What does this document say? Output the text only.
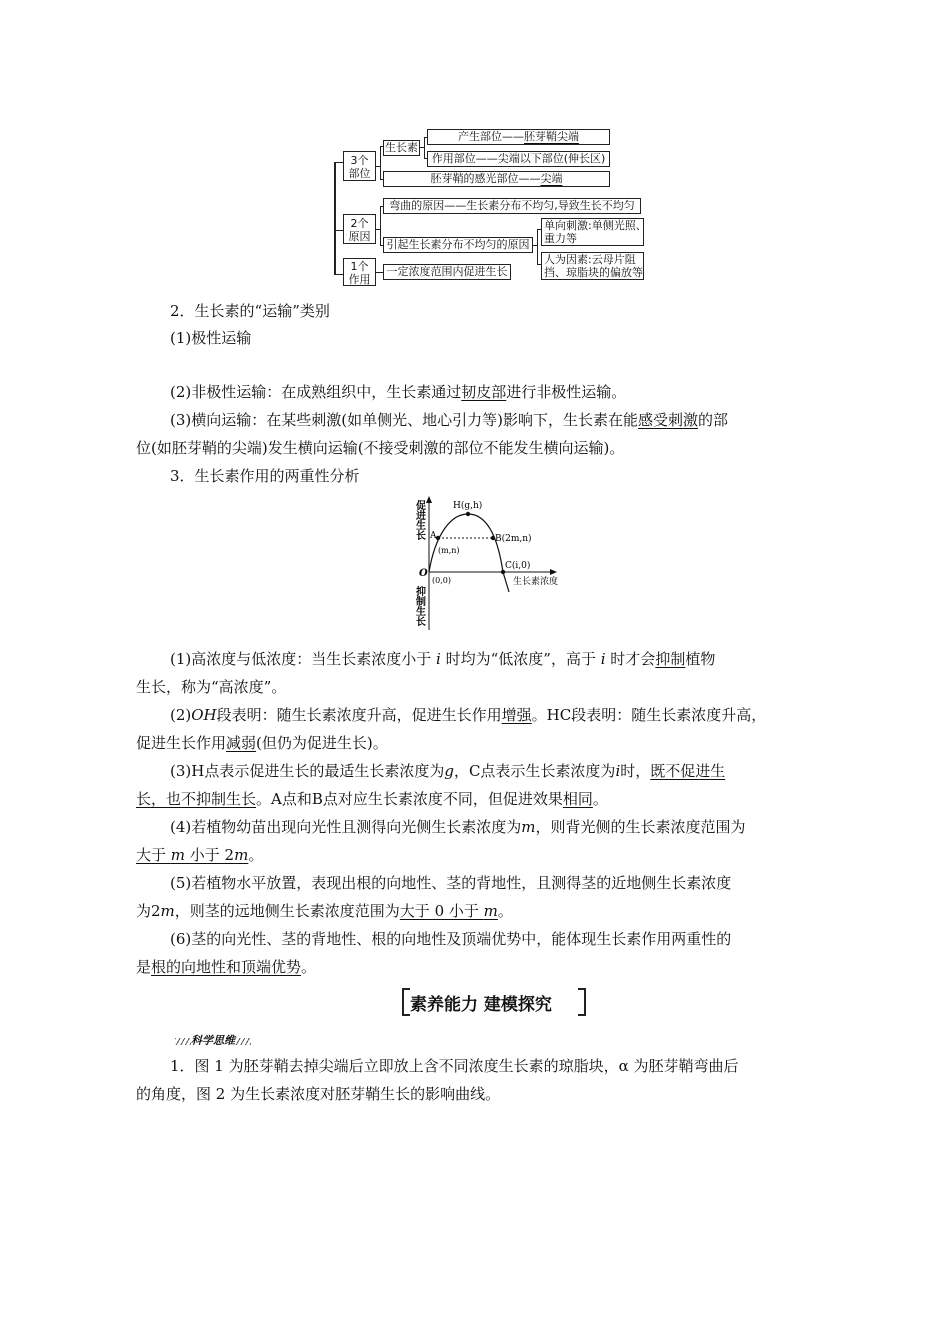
3个
部位
生长素
产生部位——胚芽鞘尖端
作用部位——尖端以下部位(伸长区)
胚芽鞘的感光部位——尖端
2个
原因
弯曲的原因——生长素分布不均匀,导致生长不均匀
引起生长素分布不均匀的原因
单向刺激:单侧光照、
重力等
人为因素:云母片阻
挡、琼脂块的偏放等
1个
作用
一定浓度范围内促进生长

2．生长素的“运输”类别

(1)极性运输

(2)非极性运输：在成熟组织中，生长素通过韧皮部进行非极性运输。

(3)横向运输：在某些刺激(如单侧光、地心引力等)影响下，生长素在能感受刺激的部

位(如胚芽鞘的尖端)发生横向运输(不接受刺激的部位不能发生横向运输)。

3．生长素作用的两重性分析

H(g,h)
A
(m,n)
B(2m,n)
C(i,0)
O
(0,0)	生长素浓度
促进生长
抑制生长

(1)高浓度与低浓度：当生长素浓度小于 i 时均为“低浓度”，高于 i 时才会抑制植物

生长，称为“高浓度”。

(2)OH段表明：随生长素浓度升高，促进生长作用增强。HC段表明：随生长素浓度升高，

促进生长作用减弱(但仍为促进生长)。

(3)H点表示促进生长的最适生长素浓度为g，C点表示生长素浓度为i时，既不促进生

长，也不抑制生长。A点和B点对应生长素浓度不同，但促进效果相同。

(4)若植物幼苗出现向光性且测得向光侧生长素浓度为m，则背光侧的生长素浓度范围为

大于 m 小于 2m。

(5)若植物水平放置，表现出根的向地性、茎的背地性，且测得茎的近地侧生长素浓度

为2m，则茎的远地侧生长素浓度范围为大于 0 小于 m。

(6)茎的向光性、茎的背地性、根的向地性及顶端优势中，能体现生长素作用两重性的

是根的向地性和顶端优势。

素养能力 建模探究
科学思维

1．图 1 为胚芽鞘去掉尖端后立即放上含不同浓度生长素的琼脂块，α 为胚芽鞘弯曲后

的角度，图 2 为生长素浓度对胚芽鞘生长的影响曲线。
